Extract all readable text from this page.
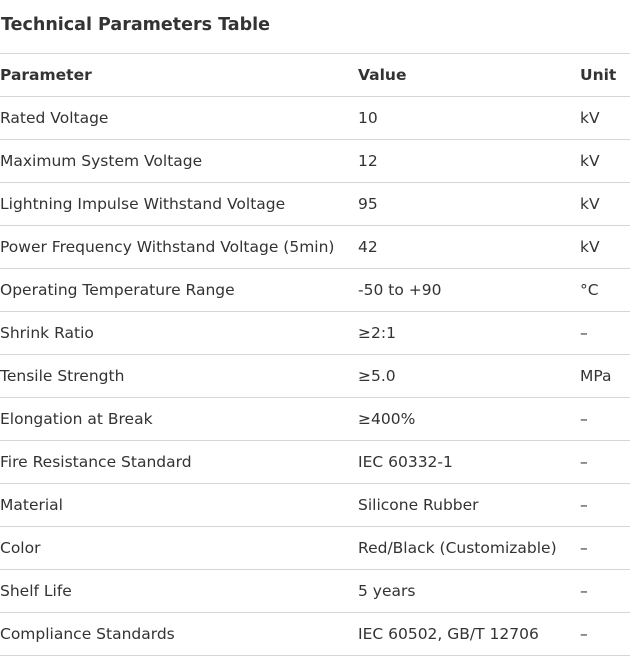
Technical Parameters Table
Parameter	Value	Unit
Rated Voltage	10	kV
Maximum System Voltage	12	kV
Lightning Impulse Withstand Voltage	95	kV
Power Frequency Withstand Voltage (5min)	42	kV
Operating Temperature Range	-50 to +90	°C
Shrink Ratio	≥2:1	–
Tensile Strength	≥5.0	MPa
Elongation at Break	≥400%	–
Fire Resistance Standard	IEC 60332-1	–
Material	Silicone Rubber	–
Color	Red/Black (Customizable)	–
Shelf Life	5 years	–
Compliance Standards	IEC 60502, GB/T 12706	–
